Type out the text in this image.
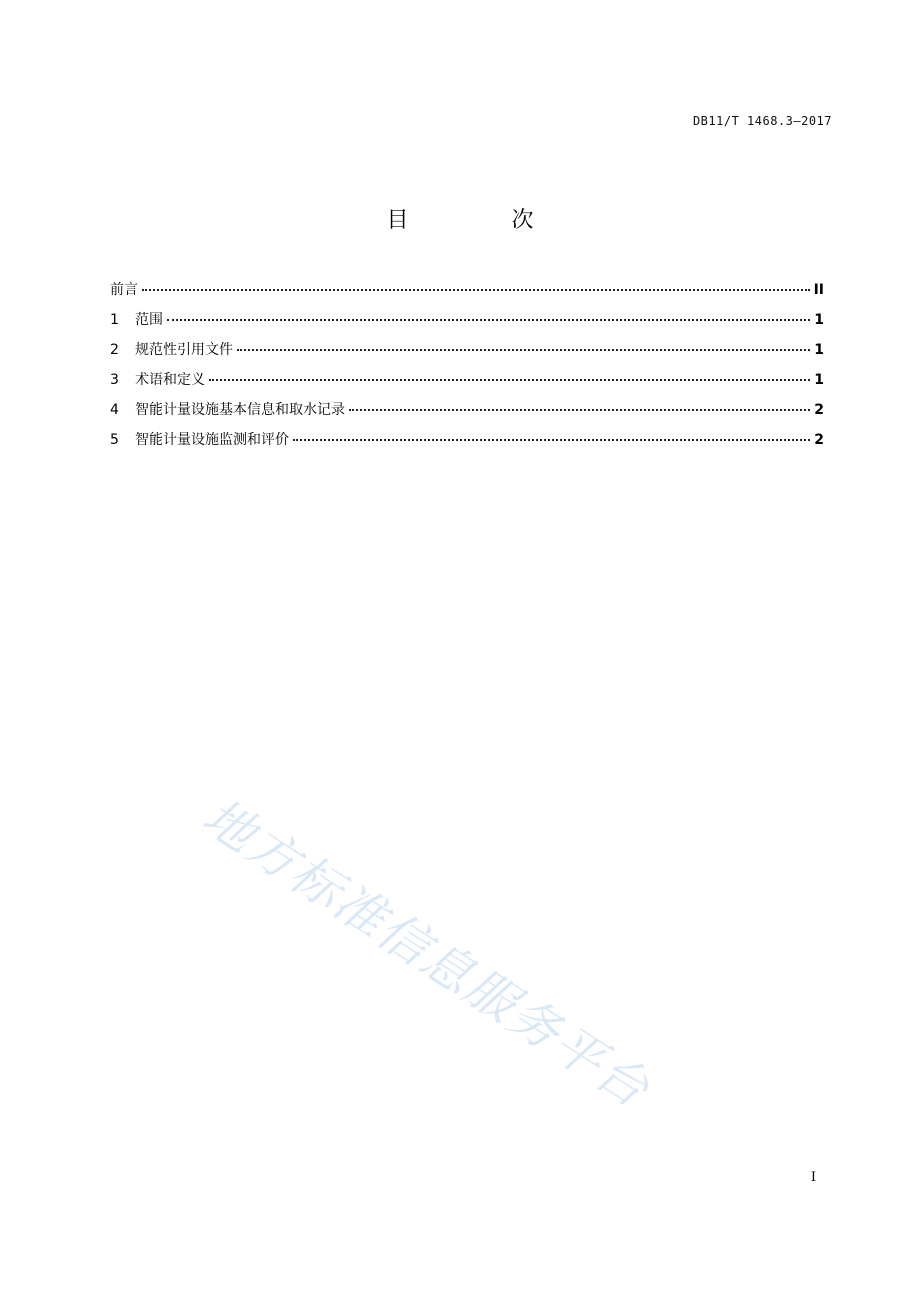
DB11/T 1468.3—2017
目 次
前言	II
1	范围	1
2	规范性引用文件	1
3	术语和定义	1
4	智能计量设施基本信息和取水记录	2
5	智能计量设施监测和评价	2
地方标准信息服务平台
I
